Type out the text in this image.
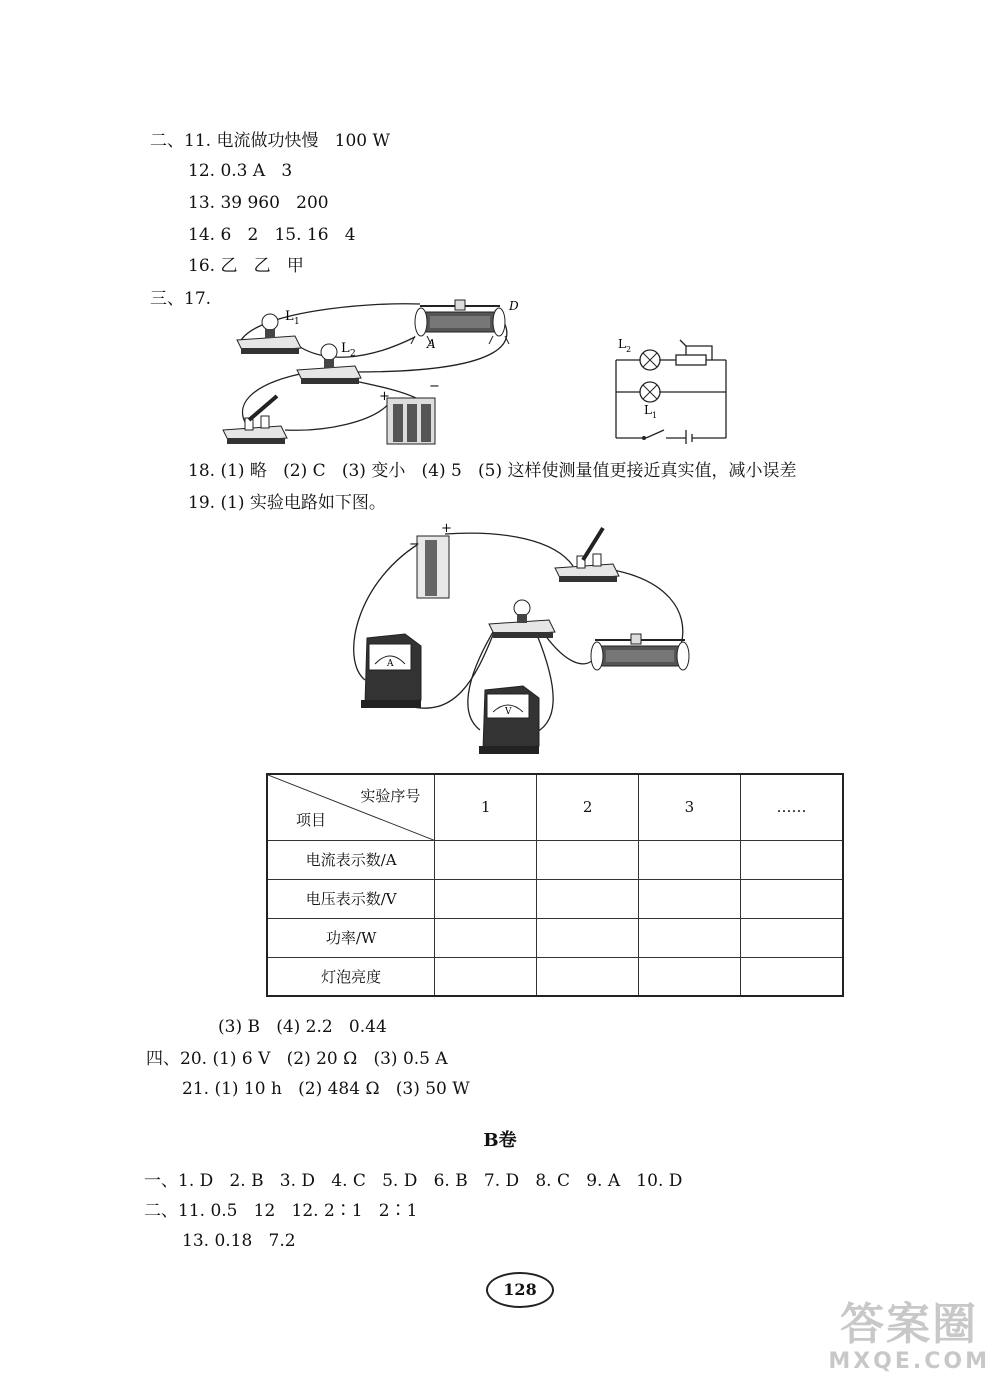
二、11. 电流做功快慢   100 W
12. 0.3 A   3
13. 39 960   200
14. 6   2   15. 16   4
16. 乙   乙   甲
三、17.
L 1
L 2
A
D
+
−
L 2
L 1
18. (1) 略   (2) C   (3) 变小   (4) 5   (5) 这样使测量值更接近真实值，减小误差
19. (1) 实验电路如下图。
+
−
A
V
实验序号
项目	1	2	3	……
电流表示数/A				
电压表示数/V				
功率/W				
灯泡亮度				
(3) B   (4) 2.2   0.44
四、20. (1) 6 V   (2) 20 Ω   (3) 0.5 A
21. (1) 10 h   (2) 484 Ω   (3) 50 W
B卷
一、1. D   2. B   3. D   4. C   5. D   6. B   7. D   8. C   9. A   10. D
二、11. 0.5   12   12. 2∶1   2∶1
13. 0.18   7.2
128
答案圈
MXQE.COM
